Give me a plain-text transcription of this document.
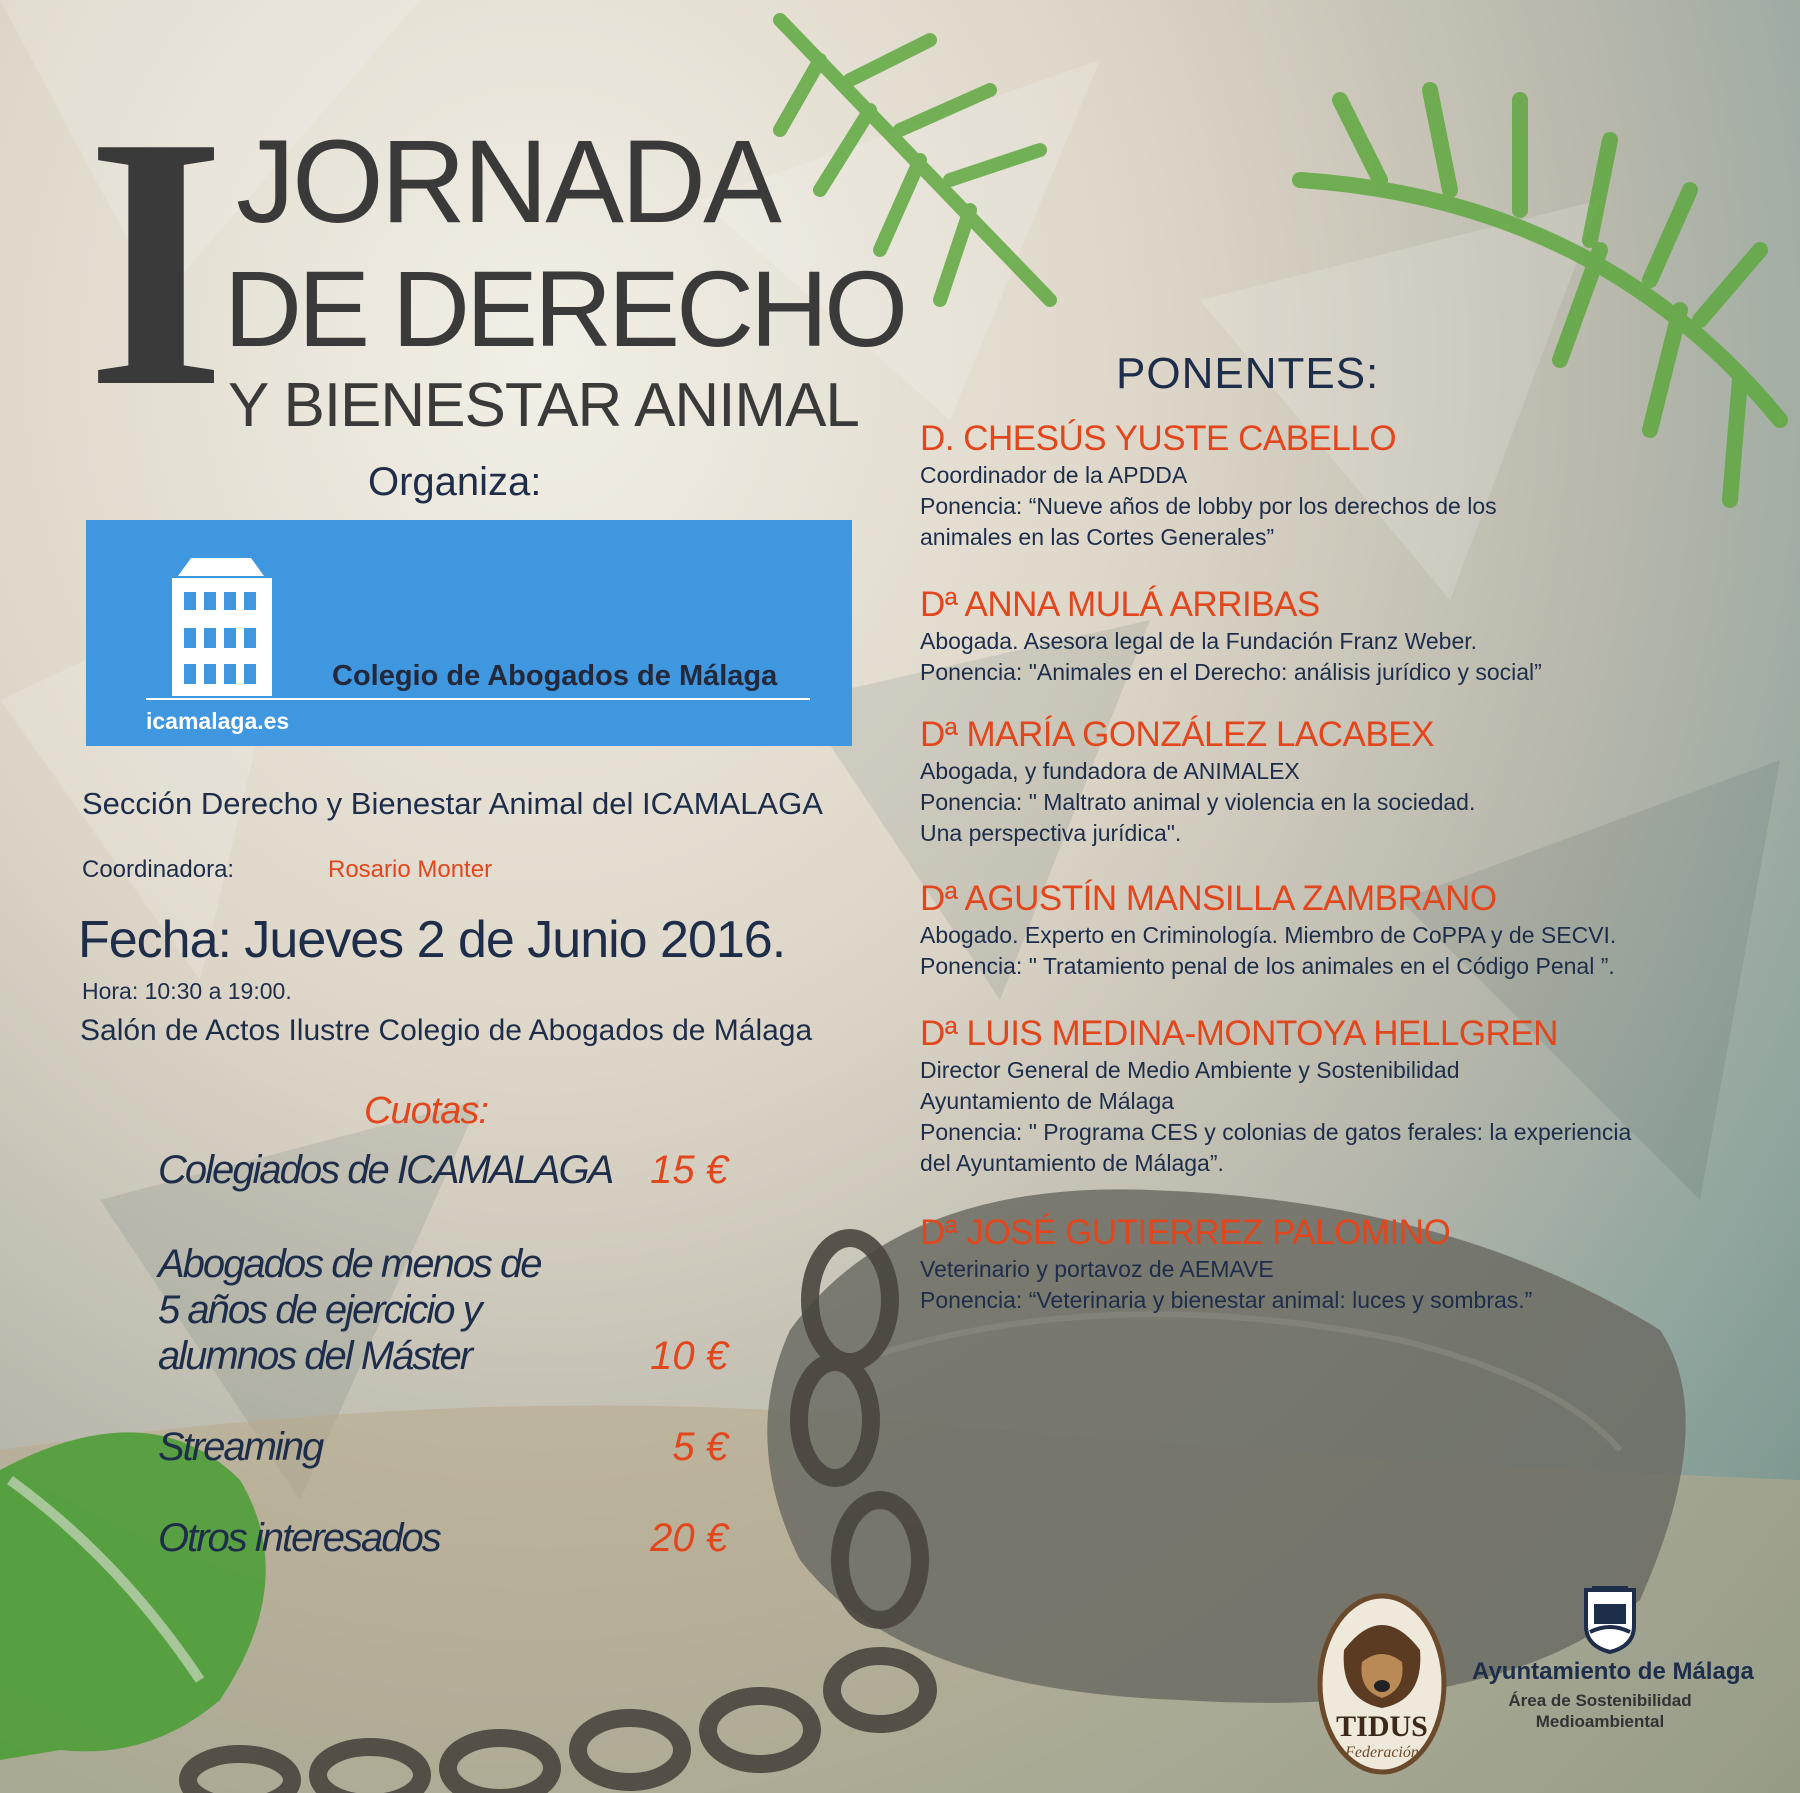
I JORNADA
DE DERECHO
Y BIENESTAR ANIMAL
Organiza:
Colegio de Abogados de Málaga
icamalaga.es
Sección Derecho y Bienestar Animal del ICAMALAGA
Coordinadora:	Rosario Monter
Fecha: Jueves 2 de Junio 2016.
Hora: 10:30 a 19:00.
Salón de Actos Ilustre Colegio de Abogados de Málaga
Cuotas:
Colegiados de ICAMALAGA 15 €
Abogados de menos de
5 años de ejercicio y
alumnos del Máster	10 €
Streaming	5 €
Otros interesados	20 €
PONENTES:
D. CHESÚS YUSTE CABELLO
Coordinador de la APDDA
Ponencia: “Nueve años de lobby por los derechos de los
animales en las Cortes Generales”
Dª ANNA MULÁ ARRIBAS
Abogada. Asesora legal de la Fundación Franz Weber.
Ponencia: "Animales en el Derecho: análisis jurídico y social”
Dª MARÍA GONZÁLEZ LACABEX
Abogada, y fundadora de ANIMALEX
Ponencia: " Maltrato animal y violencia en la sociedad.
Una perspectiva jurídica".
Dª AGUSTÍN MANSILLA ZAMBRANO
Abogado. Experto en Criminología. Miembro de CoPPA y de SECVI.
Ponencia: " Tratamiento penal de los animales en el Código Penal ”.
Dª LUIS MEDINA-MONTOYA HELLGREN
Director General de Medio Ambiente y Sostenibilidad
Ayuntamiento de Málaga
Ponencia: " Programa CES y colonias de gatos ferales: la experiencia
del Ayuntamiento de Málaga”.
Dª JOSÉ GUTIERREZ PALOMINO
Veterinario y portavoz de AEMAVE
Ponencia: “Veterinaria y bienestar animal: luces y sombras.”
TIDUS
Federación
Ayuntamiento de Málaga
Área de Sostenibilidad
Medioambiental
